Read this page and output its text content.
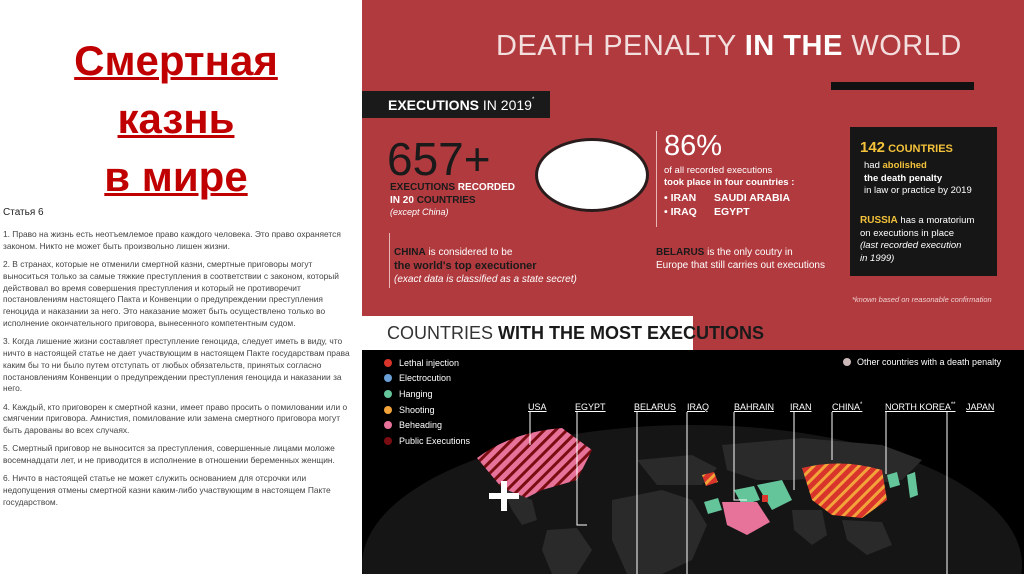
Смертная
казнь
в мире
Статья 6

1. Право на жизнь есть неотъемлемое право каждого человека. Это право охраняется законом. Никто не может быть произвольно лишен жизни.

2. В странах, которые не отменили смертной казни, смертные приговоры могут выноситься только за самые тяжкие преступления в соответствии с законом, который действовал во время совершения преступления и который не противоречит постановлениям настоящего Пакта и Конвенции о предупреждении преступления геноцида и наказании за него. Это наказание может быть осуществлено только во исполнение окончательного приговора, вынесенного компетентным судом.

3. Когда лишение жизни составляет преступление геноцида, следует иметь в виду, что ничто в настоящей статье не дает участвующим в настоящем Пакте государствам права каким бы то ни было путем отступать от любых обязательств, принятых согласно постановлениям Конвенции о предупреждении преступления геноцида и наказании за него.

4. Каждый, кто приговорен к смертной казни, имеет право просить о помиловании или о смягчении приговора. Амнистия, помилование или замена смертного приговора могут быть дарованы во всех случаях.

5. Смертный приговор не выносится за преступления, совершенные лицами моложе восемнадцати лет, и не приводится в исполнение в отношении беременных женщин.

6. Ничто в настоящей статье не может служить основанием для отсрочки или недопущения отмены смертной казни каким-либо участвующим в настоящем Пакте государством.

DEATH PENALTY IN THE WORLD
EXECUTIONS IN 2019*
657+
EXECUTIONS RECORDED
IN 20 COUNTRIES
(except China)
CHINA is considered to be
the world's top executioner
(exact data is classified as a state secret)
86%
of all recorded executions
took place in four countries :
• IRAN	SAUDI ARABIA
• IRAQ	EGYPT
BELARUS is the only coutry in
Europe that still carries out executions
142 COUNTRIES
had abolished
the death penalty
in law or practice by 2019
RUSSIA has a moratorium
on executions in place
(last recorded execution
in 1999)
*known based on reasonable confirmation
COUNTRIES WITH THE MOST EXECUTIONS
Lethal injection
Electrocution
Hanging
Shooting
Beheading
Public Executions
Other countries with a death penalty
USA	EGYPT	BELARUS IRAQ	BAHRAIN IRAN CHINA*	NORTH KOREA** JAPAN
